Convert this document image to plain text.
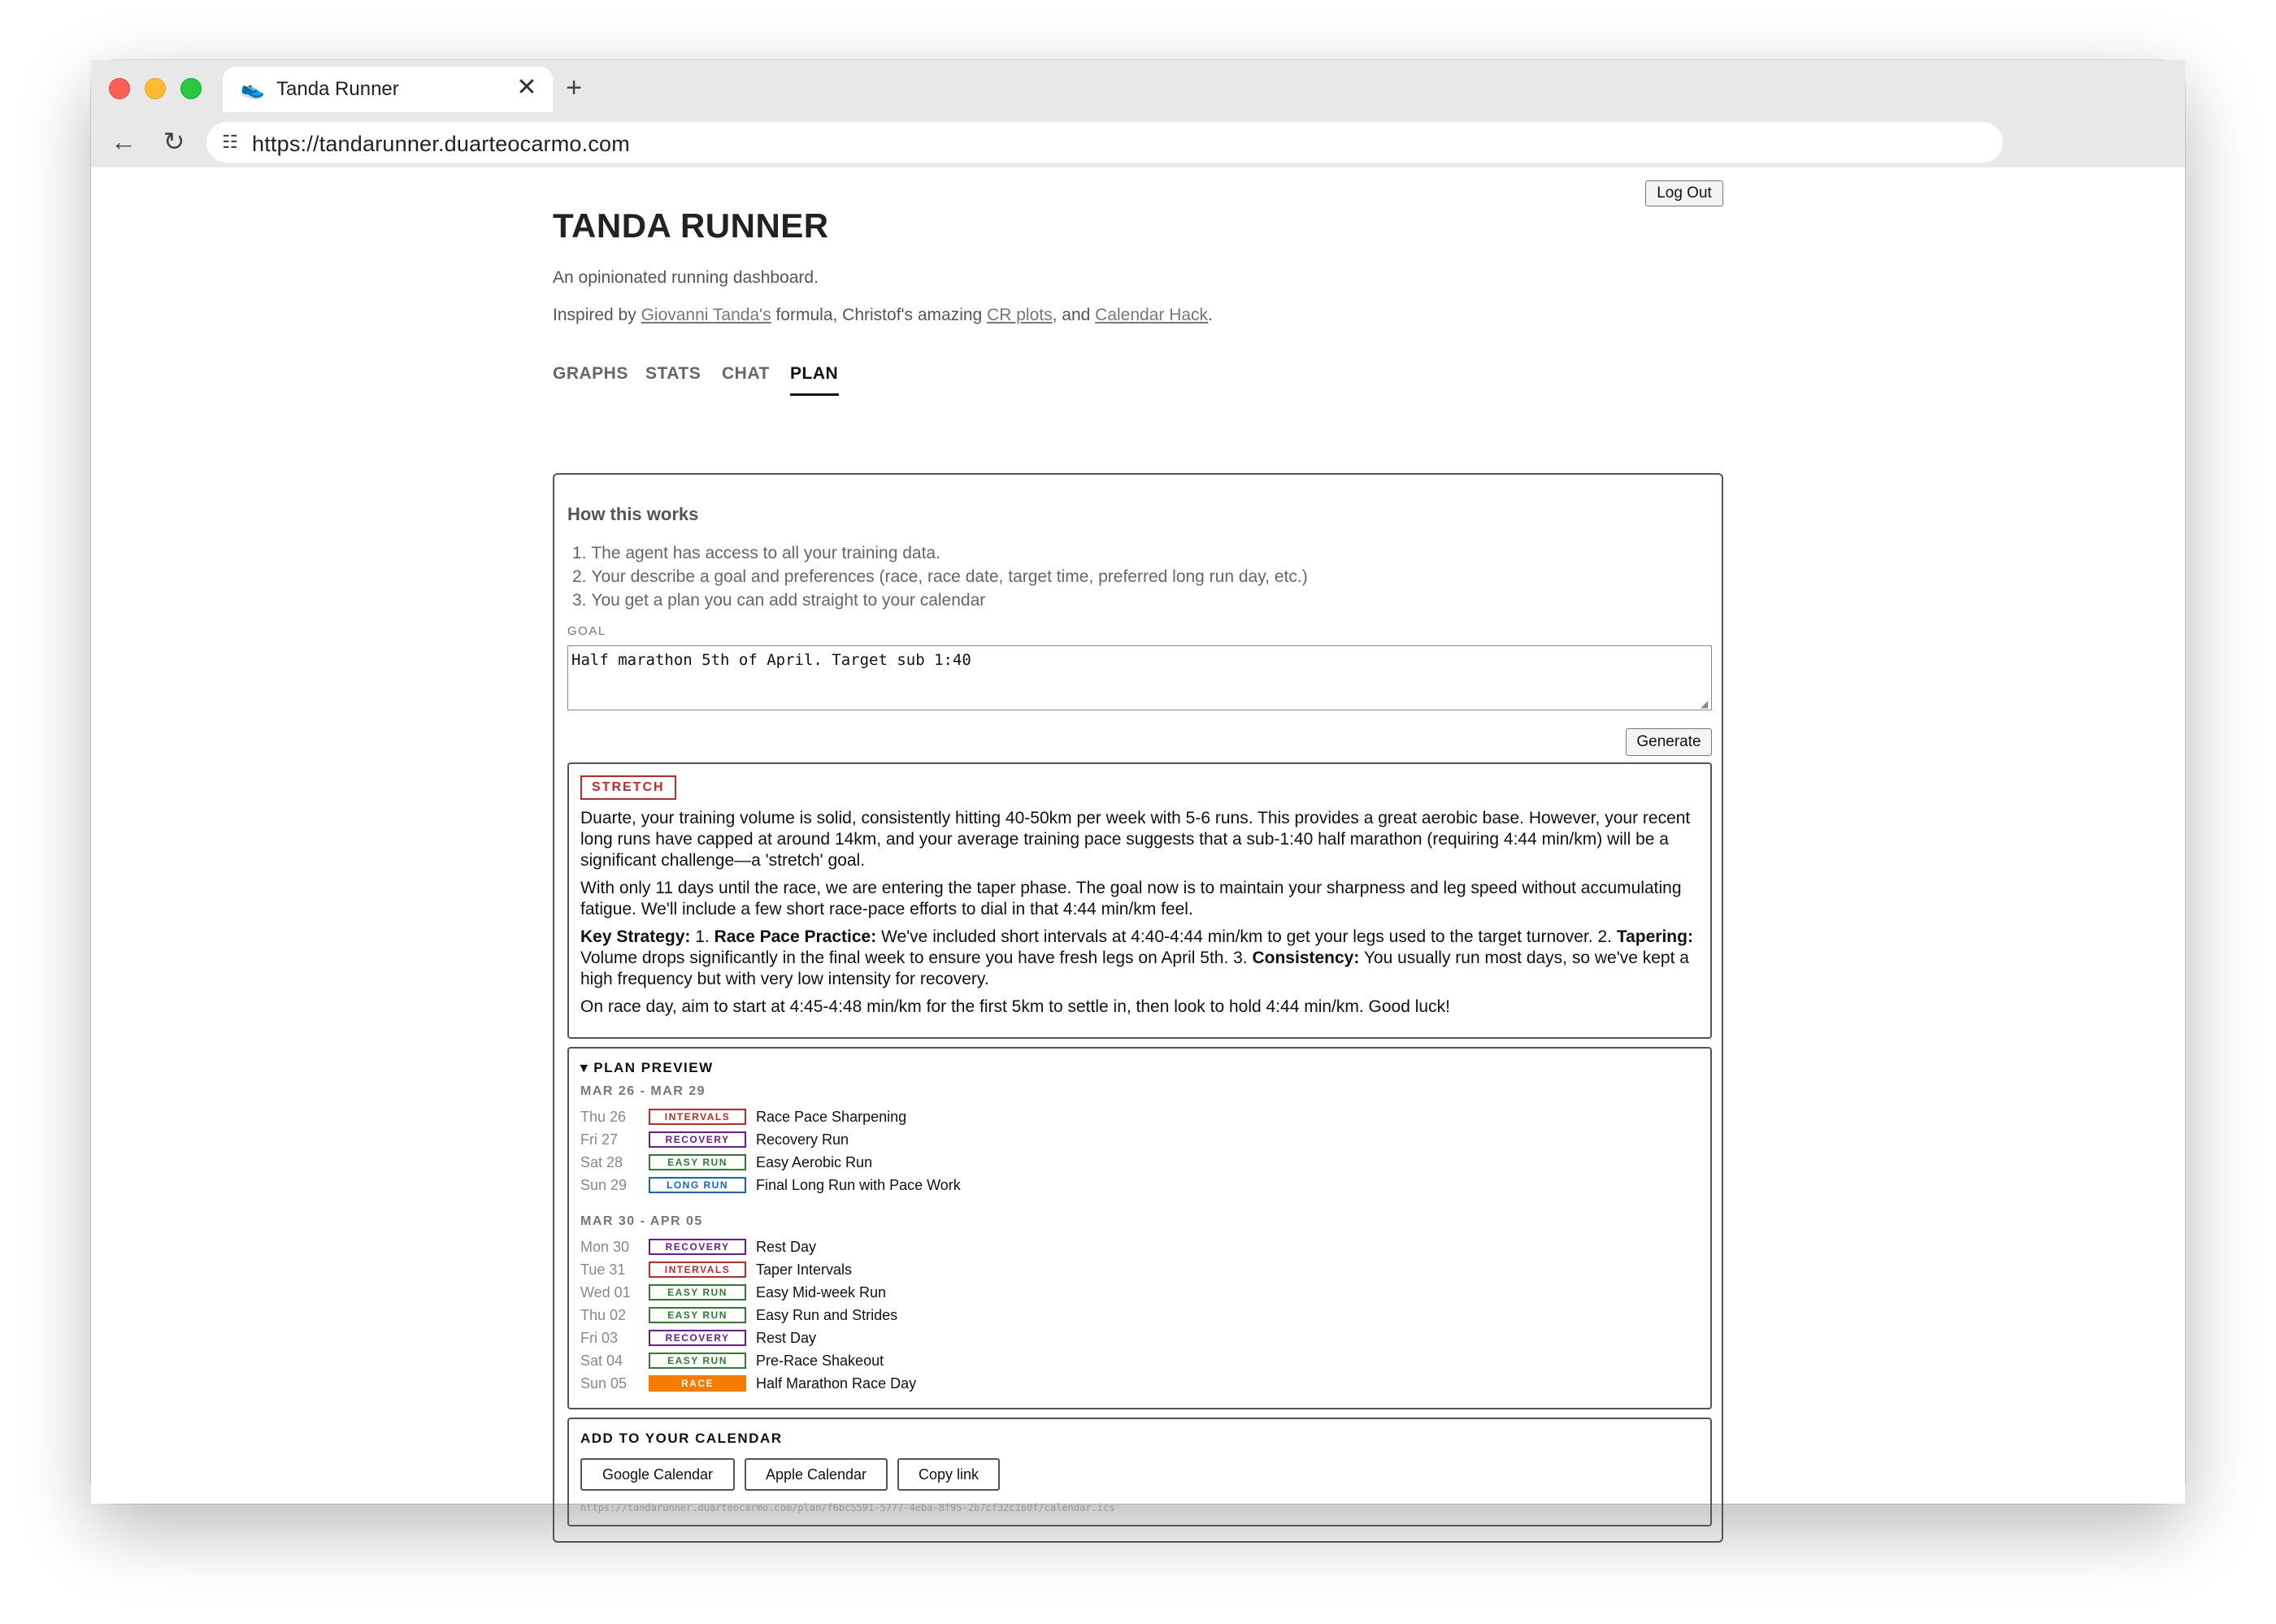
👟 Tanda Runner	✕ +
← ↻	☷ https://tandarunner.duarteocarmo.com
Log Out
TANDA RUNNER
An opinionated running dashboard.
Inspired by Giovanni Tanda's formula, Christof's amazing CR plots, and Calendar Hack.
GRAPHS STATS CHAT PLAN
How this works
1. The agent has access to all your training data.
2. Your describe a goal and preferences (race, race date, target time, preferred long run day, etc.)
3. You get a plan you can add straight to your calendar
GOAL
Half marathon 5th of April. Target sub 1:40
◢
Generate
STRETCH

Duarte, your training volume is solid, consistently hitting 40-50km per week with 5-6 runs. This provides a great aerobic base. However, your recent long runs have capped at around 14km, and your average training pace suggests that a sub-1:40 half marathon (requiring 4:44 min/km) will be a significant challenge—a 'stretch' goal.

With only 11 days until the race, we are entering the taper phase. The goal now is to maintain your sharpness and leg speed without accumulating fatigue. We'll include a few short race-pace efforts to dial in that 4:44 min/km feel.

Key Strategy: 1. Race Pace Practice: We've included short intervals at 4:40-4:44 min/km to get your legs used to the target turnover. 2. Tapering: Volume drops significantly in the final week to ensure you have fresh legs on April 5th. 3. Consistency: You usually run most days, so we've kept a high frequency but with very low intensity for recovery.

On race day, aim to start at 4:45-4:48 min/km for the first 5km to settle in, then look to hold 4:44 min/km. Good luck!

▾ PLAN PREVIEW
MAR 26 - MAR 29
Thu 26	INTERVALS	Race Pace Sharpening
Fri 27	RECOVERY	Recovery Run
Sat 28	EASY RUN	Easy Aerobic Run
Sun 29	LONG RUN	Final Long Run with Pace Work
MAR 30 - APR 05
Mon 30	RECOVERY	Rest Day
Tue 31	INTERVALS	Taper Intervals
Wed 01	EASY RUN	Easy Mid-week Run
Thu 02	EASY RUN	Easy Run and Strides
Fri 03	RECOVERY	Rest Day
Sat 04	EASY RUN	Pre-Race Shakeout
Sun 05	RACE	Half Marathon Race Day
ADD TO YOUR CALENDAR
Google Calendar	Apple Calendar	Copy link
https://tandarunner.duarteocarmo.com/plan/f6bc5591-5777-4eba-8f95-2b7cf32c1b0f/calendar.ics
